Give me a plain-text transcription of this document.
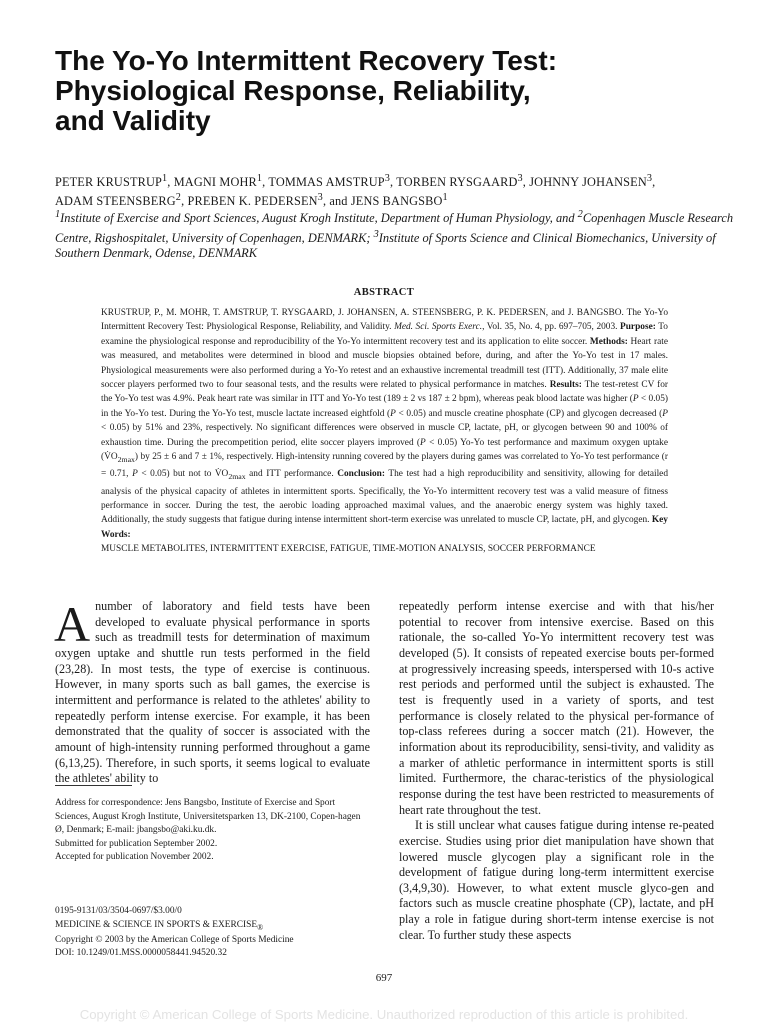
The Yo-Yo Intermittent Recovery Test:
Physiological Response, Reliability,
and Validity
PETER KRUSTRUP$^1$, MAGNI MOHR$^1$, TOMMAS AMSTRUP$^3$, TORBEN RYSGAARD$^3$, JOHNNY JOHANSEN$^3$,
ADAM STEENSBERG$^2$, PREBEN K. PEDERSEN$^3$, and JENS BANGSBO$^1$
$^1$Institute of Exercise and Sport Sciences, August Krogh Institute, Department of Human Physiology, and $^2$Copenhagen Muscle Research Centre, Rigshospitalet, University of Copenhagen, DENMARK; $^3$Institute of Sports Science and Clinical Biomechanics, University of Southern Denmark, Odense, DENMARK
ABSTRACT
KRUSTRUP, P., M. MOHR, T. AMSTRUP, T. RYSGAARD, J. JOHANSEN, A. STEENSBERG, P. K. PEDERSEN, and J. BANGSBO. The Yo-Yo Intermittent Recovery Test: Physiological Response, Reliability, and Validity. Med. Sci. Sports Exerc., Vol. 35, No. 4, pp. 697–705, 2003. Purpose: To examine the physiological response and reproducibility of the Yo-Yo intermittent recovery test and its application to elite soccer. Methods: Heart rate was measured, and metabolites were determined in blood and muscle biopsies obtained before, during, and after the Yo-Yo test in 17 males. Physiological measurements were also performed during a Yo-Yo retest and an exhaustive incremental treadmill test (ITT). Additionally, 37 male elite soccer players performed two to four seasonal tests, and the results were related to physical performance in matches. Results: The test-retest CV for the Yo-Yo test was 4.9%. Peak heart rate was similar in ITT and Yo-Yo test (189 ± 2 vs 187 ± 2 bpm), whereas peak blood lactate was higher (P < 0.05) in the Yo-Yo test. During the Yo-Yo test, muscle lactate increased eightfold (P < 0.05) and muscle creatine phosphate (CP) and glycogen decreased (P < 0.05) by 51% and 23%, respectively. No significant differences were observed in muscle CP, lactate, pH, or glycogen between 90 and 100% of exhaustion time. During the precompetition period, elite soccer players improved (P < 0.05) Yo-Yo test performance and maximum oxygen uptake $(V̇O_{2max})$ by 25 ± 6 and 7 ± 1%, respectively. High-intensity running covered by the players during games was correlated to Yo-Yo test performance (r = 0.71, P < 0.05) but not to $V̇O_{2max}$ and ITT performance. Conclusion: The test had a high reproducibility and sensitivity, allowing for detailed analysis of the physical capacity of athletes in intermittent sports. Specifically, the Yo-Yo intermittent recovery test was a valid measure of fitness performance in soccer. During the test, the aerobic loading approached maximal values, and the anaerobic energy system was highly taxed. Additionally, the study suggests that fatigue during intense intermittent short-term exercise was unrelated to muscle CP, lactate, pH, and glycogen. Key Words:
MUSCLE METABOLITES, INTERMITTENT EXERCISE, FATIGUE, TIME-MOTION ANALYSIS, SOCCER PERFORMANCE

Anumber of laboratory and field tests have been developed to evaluate physical performance in sports such as treadmill tests for determination of maximum oxygen uptake and shuttle run tests performed in the field (23,28). In most tests, the type of exercise is continuous. However, in many sports such as ball games, the exercise is intermittent and performance is related to the athletes' ability to repeatedly perform intense exercise. For example, it has been demonstrated that the quality of soccer is associated with the amount of high-intensity running performed throughout a game (6,13,25). Therefore, in such sports, it seems logical to evaluate the athletes' ability to

Address for correspondence: Jens Bangsbo, Institute of Exercise and Sport Sciences, August Krogh Institute, Universitetsparken 13, DK-2100, Copen-hagen Ø, Denmark; E-mail: jbangsbo@aki.ku.dk.
Submitted for publication September 2002.
Accepted for publication November 2002.
0195-9131/03/3504-0697/$3.00/0
MEDICINE & SCIENCE IN SPORTS & $EXERCISE_®$
Copyright © 2003 by the American College of Sports Medicine
DOI: 10.1249/01.MSS.0000058441.94520.32

repeatedly perform intense exercise and with that his/her potential to recover from intensive exercise. Based on this rationale, the so-called Yo-Yo intermittent recovery test was developed (5). It consists of repeated exercise bouts per-formed at progressively increasing speeds, interspersed with 10-s active rest periods and performed until the subject is exhausted. The test is frequently used in a variety of sports, and test performance is closely related to the physical per-formance of top-class referees during a soccer match (21). However, the information about its reproducibility, sensi-tivity, and validity as a marker of athletic performance in intermittent sports is still limited. Furthermore, the charac-teristics of the physiological response during the test have been restricted to measurements of heart rate throughout the test.

It is still unclear what causes fatigue during intense re-peated exercise. Studies using prior diet manipulation have shown that lowered muscle glycogen play a significant role in the development of fatigue during long-term intermittent exercise (3,4,9,30). However, to what extent muscle glyco-gen and factors such as muscle creatine phosphate (CP), lactate, and pH play a role in fatigue during short-term intense exercise is not clear. To further study these aspects

697
Copyright © American College of Sports Medicine. Unauthorized reproduction of this article is prohibited.
